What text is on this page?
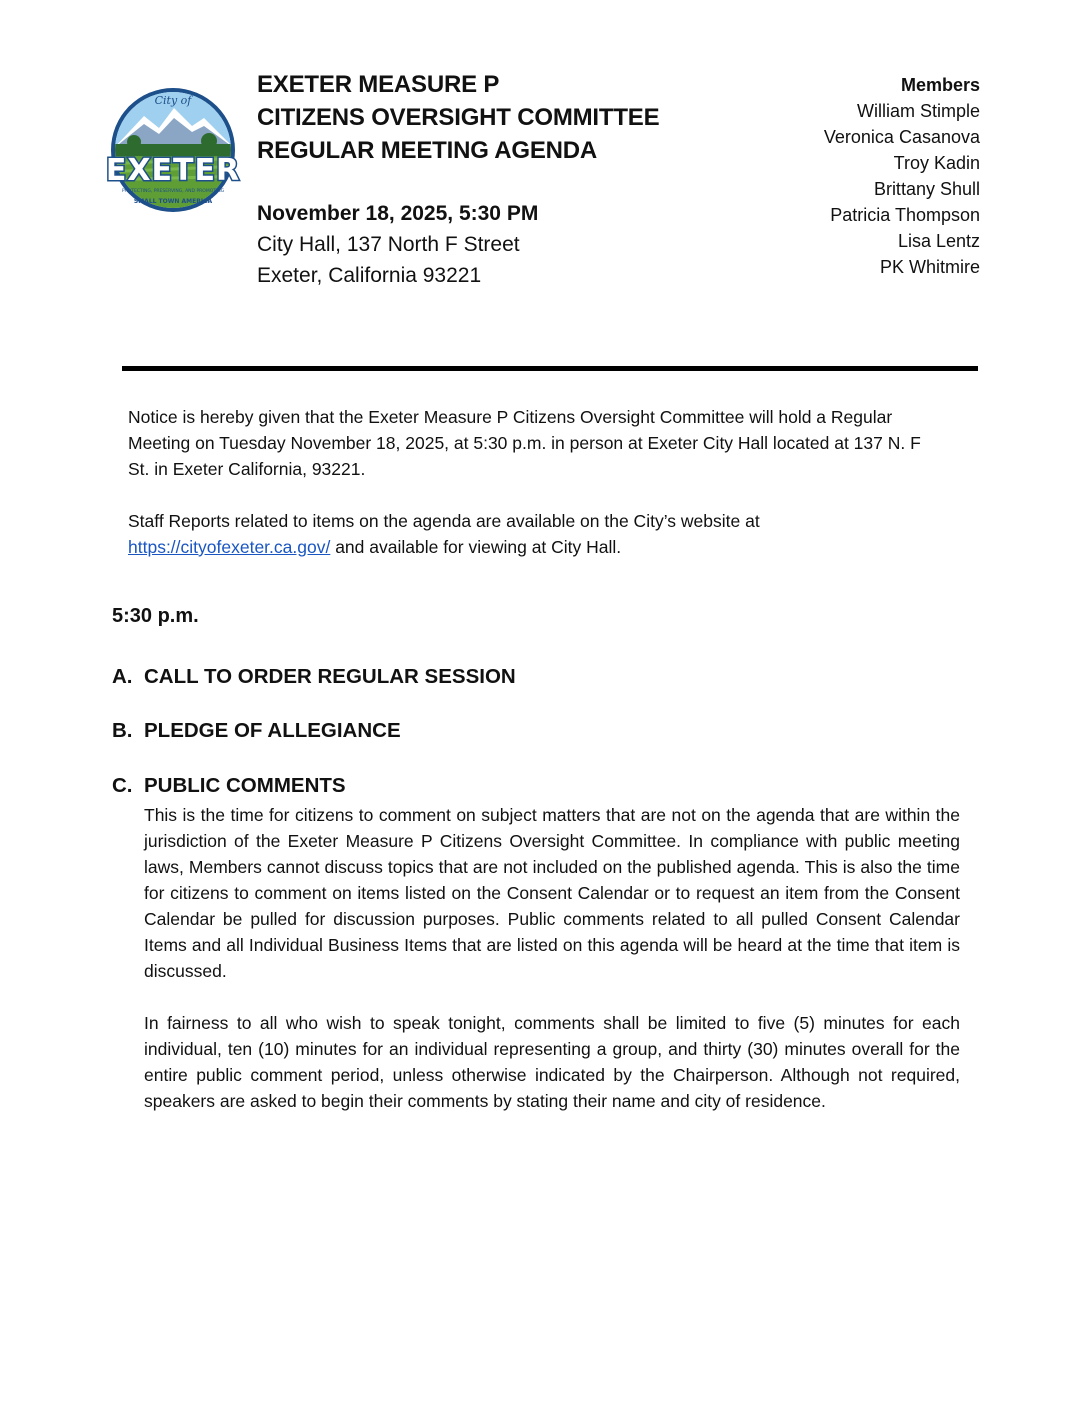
City of
EXETER
PROTECTING, PRESERVING, AND PROMOTING
SMALL TOWN AMERICA

EXETER MEASURE P

CITIZENS OVERSIGHT COMMITTEE

REGULAR MEETING AGENDA

November 18, 2025, 5:30 PM
City Hall, 137 North F Street
Exeter, California 93221
Members
William Stimple
Veronica Casanova
Troy Kadin
Brittany Shull
Patricia Thompson
Lisa Lentz
PK Whitmire

Notice is hereby given that the Exeter Measure P Citizens Oversight Committee will hold a Regular Meeting on Tuesday November 18, 2025, at 5:30 p.m. in person at Exeter City Hall located at 137 N. F St. in Exeter California, 93221.

Staff Reports related to items on the agenda are available on the City’s website at
https://cityofexeter.ca.gov/ and available for viewing at City Hall.

5:30 p.m.
A. CALL TO ORDER REGULAR SESSION
B. PLEDGE OF ALLEGIANCE
C. PUBLIC COMMENTS
This is the time for citizens to comment on subject matters that are not on the agenda that are within the jurisdiction of the Exeter Measure P Citizens Oversight Committee. In compliance with public meeting laws, Members cannot discuss topics that are not included on the published agenda. This is also the time for citizens to comment on items listed on the Consent Calendar or to request an item from the Consent Calendar be pulled for discussion purposes. Public comments related to all pulled Consent Calendar Items and all Individual Business Items that are listed on this agenda will be heard at the time that item is discussed.
In fairness to all who wish to speak tonight, comments shall be limited to five (5) minutes for each individual, ten (10) minutes for an individual representing a group, and thirty (30) minutes overall for the entire public comment period, unless otherwise indicated by the Chairperson. Although not required, speakers are asked to begin their comments by stating their name and city of residence.
